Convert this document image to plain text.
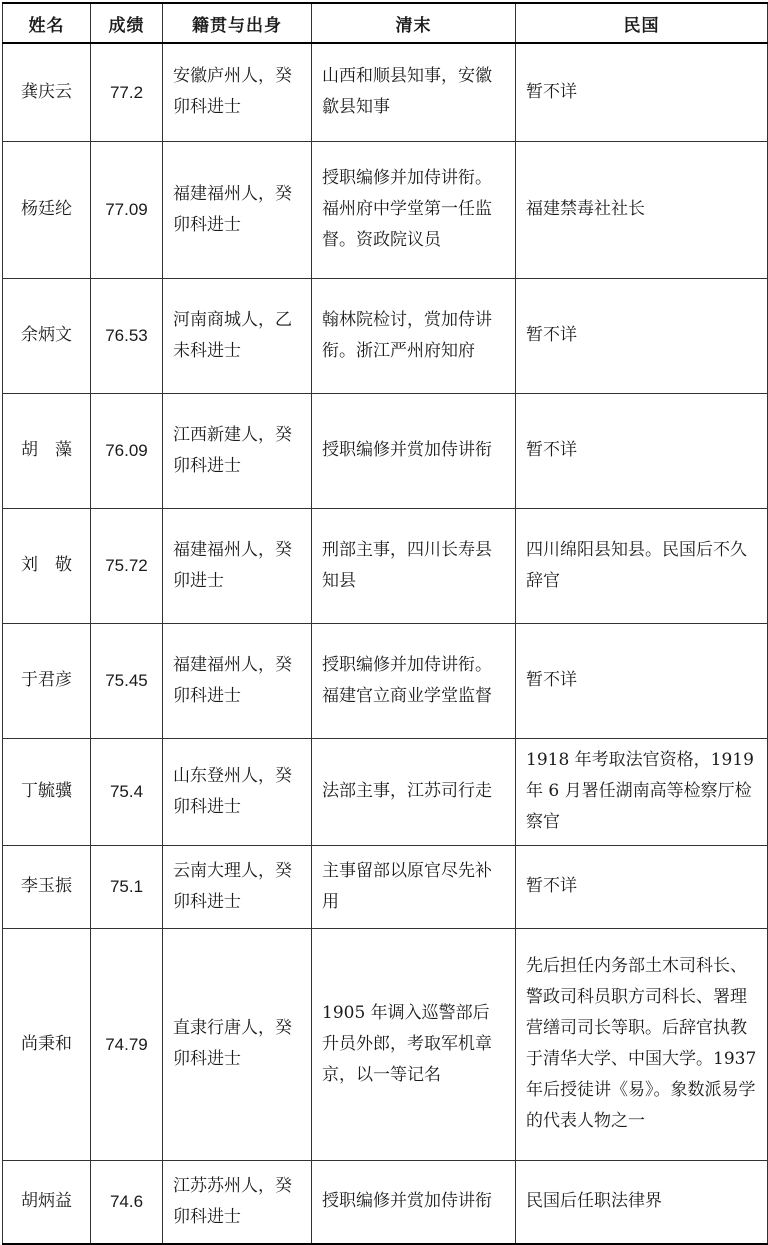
姓名	成绩	籍贯与出身	清末	民国
龚庆云	77.2	安徽庐州人，癸卯科进士	山西和顺县知事，安徽歙县知事	暂不详
杨廷纶	77.09	福建福州人，癸卯科进士	授职编修并加侍讲衔。福州府中学堂第一任监督。资政院议员	福建禁毒社社长
余炳文	76.53	河南商城人，乙未科进士	翰林院检讨，赏加侍讲衔。浙江严州府知府	暂不详
胡　藻	76.09	江西新建人，癸卯科进士	授职编修并赏加侍讲衔	暂不详
刘　敬	75.72	福建福州人，癸卯进士	刑部主事，四川长寿县知县	四川绵阳县知县。民国后不久辞官
于君彦	75.45	福建福州人，癸卯科进士	授职编修并加侍讲衔。福建官立商业学堂监督	暂不详
丁毓骥	75.4	山东登州人，癸卯科进士	法部主事，江苏司行走	1918 年考取法官资格，1919 年 6 月署任湖南高等检察厅检察官
李玉振	75.1	云南大理人，癸卯科进士	主事留部以原官尽先补用	暂不详
尚秉和	74.79	直隶行唐人，癸卯科进士	1905 年调入巡警部后升员外郎，考取军机章京，以一等记名	先后担任内务部土木司科长、警政司科员职方司科长、署理营缮司司长等职。后辞官执教于清华大学、中国大学。1937 年后授徒讲《易》。象数派易学的代表人物之一
胡炳益	74.6	江苏苏州人，癸卯科进士	授职编修并赏加侍讲衔	民国后任职法律界
